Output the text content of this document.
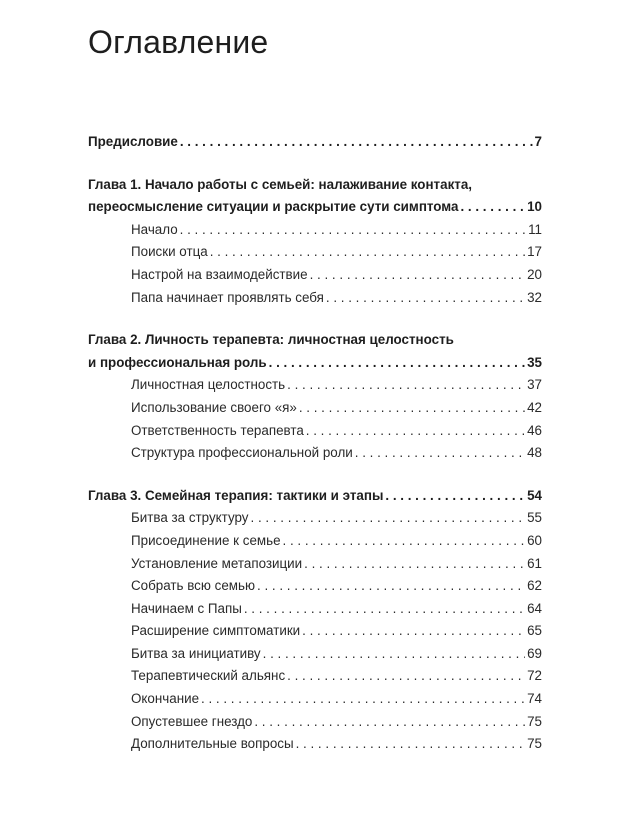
Оглавление
Предисловие . . .	7
Глава 1. Начало работы с семьей: налаживание контакта,
переосмысление ситуации и раскрытие сути симптома . . .	10
Начало . . .	11
Поиски отца . . .	17
Настрой на взаимодействие . . .	20
Папа начинает проявлять себя . . .	32
Глава 2. Личность терапевта: личностная целостность
и профессиональная роль . . .	35
Личностная целостность . . .	37
Использование своего «я» . . .	42
Ответственность терапевта . . .	46
Структура профессиональной роли . . .	48
Глава 3. Семейная терапия: тактики и этапы . . .	54
Битва за структуру . . .	55
Присоединение к семье . . .	60
Установление метапозиции . . .	61
Собрать всю семью . . .	62
Начинаем с Папы . . .	64
Расширение симптоматики . . .	65
Битва за инициативу . . .	69
Терапевтический альянс . . .	72
Окончание . . .	74
Опустевшее гнездо . . .	75
Дополнительные вопросы . . .	75
